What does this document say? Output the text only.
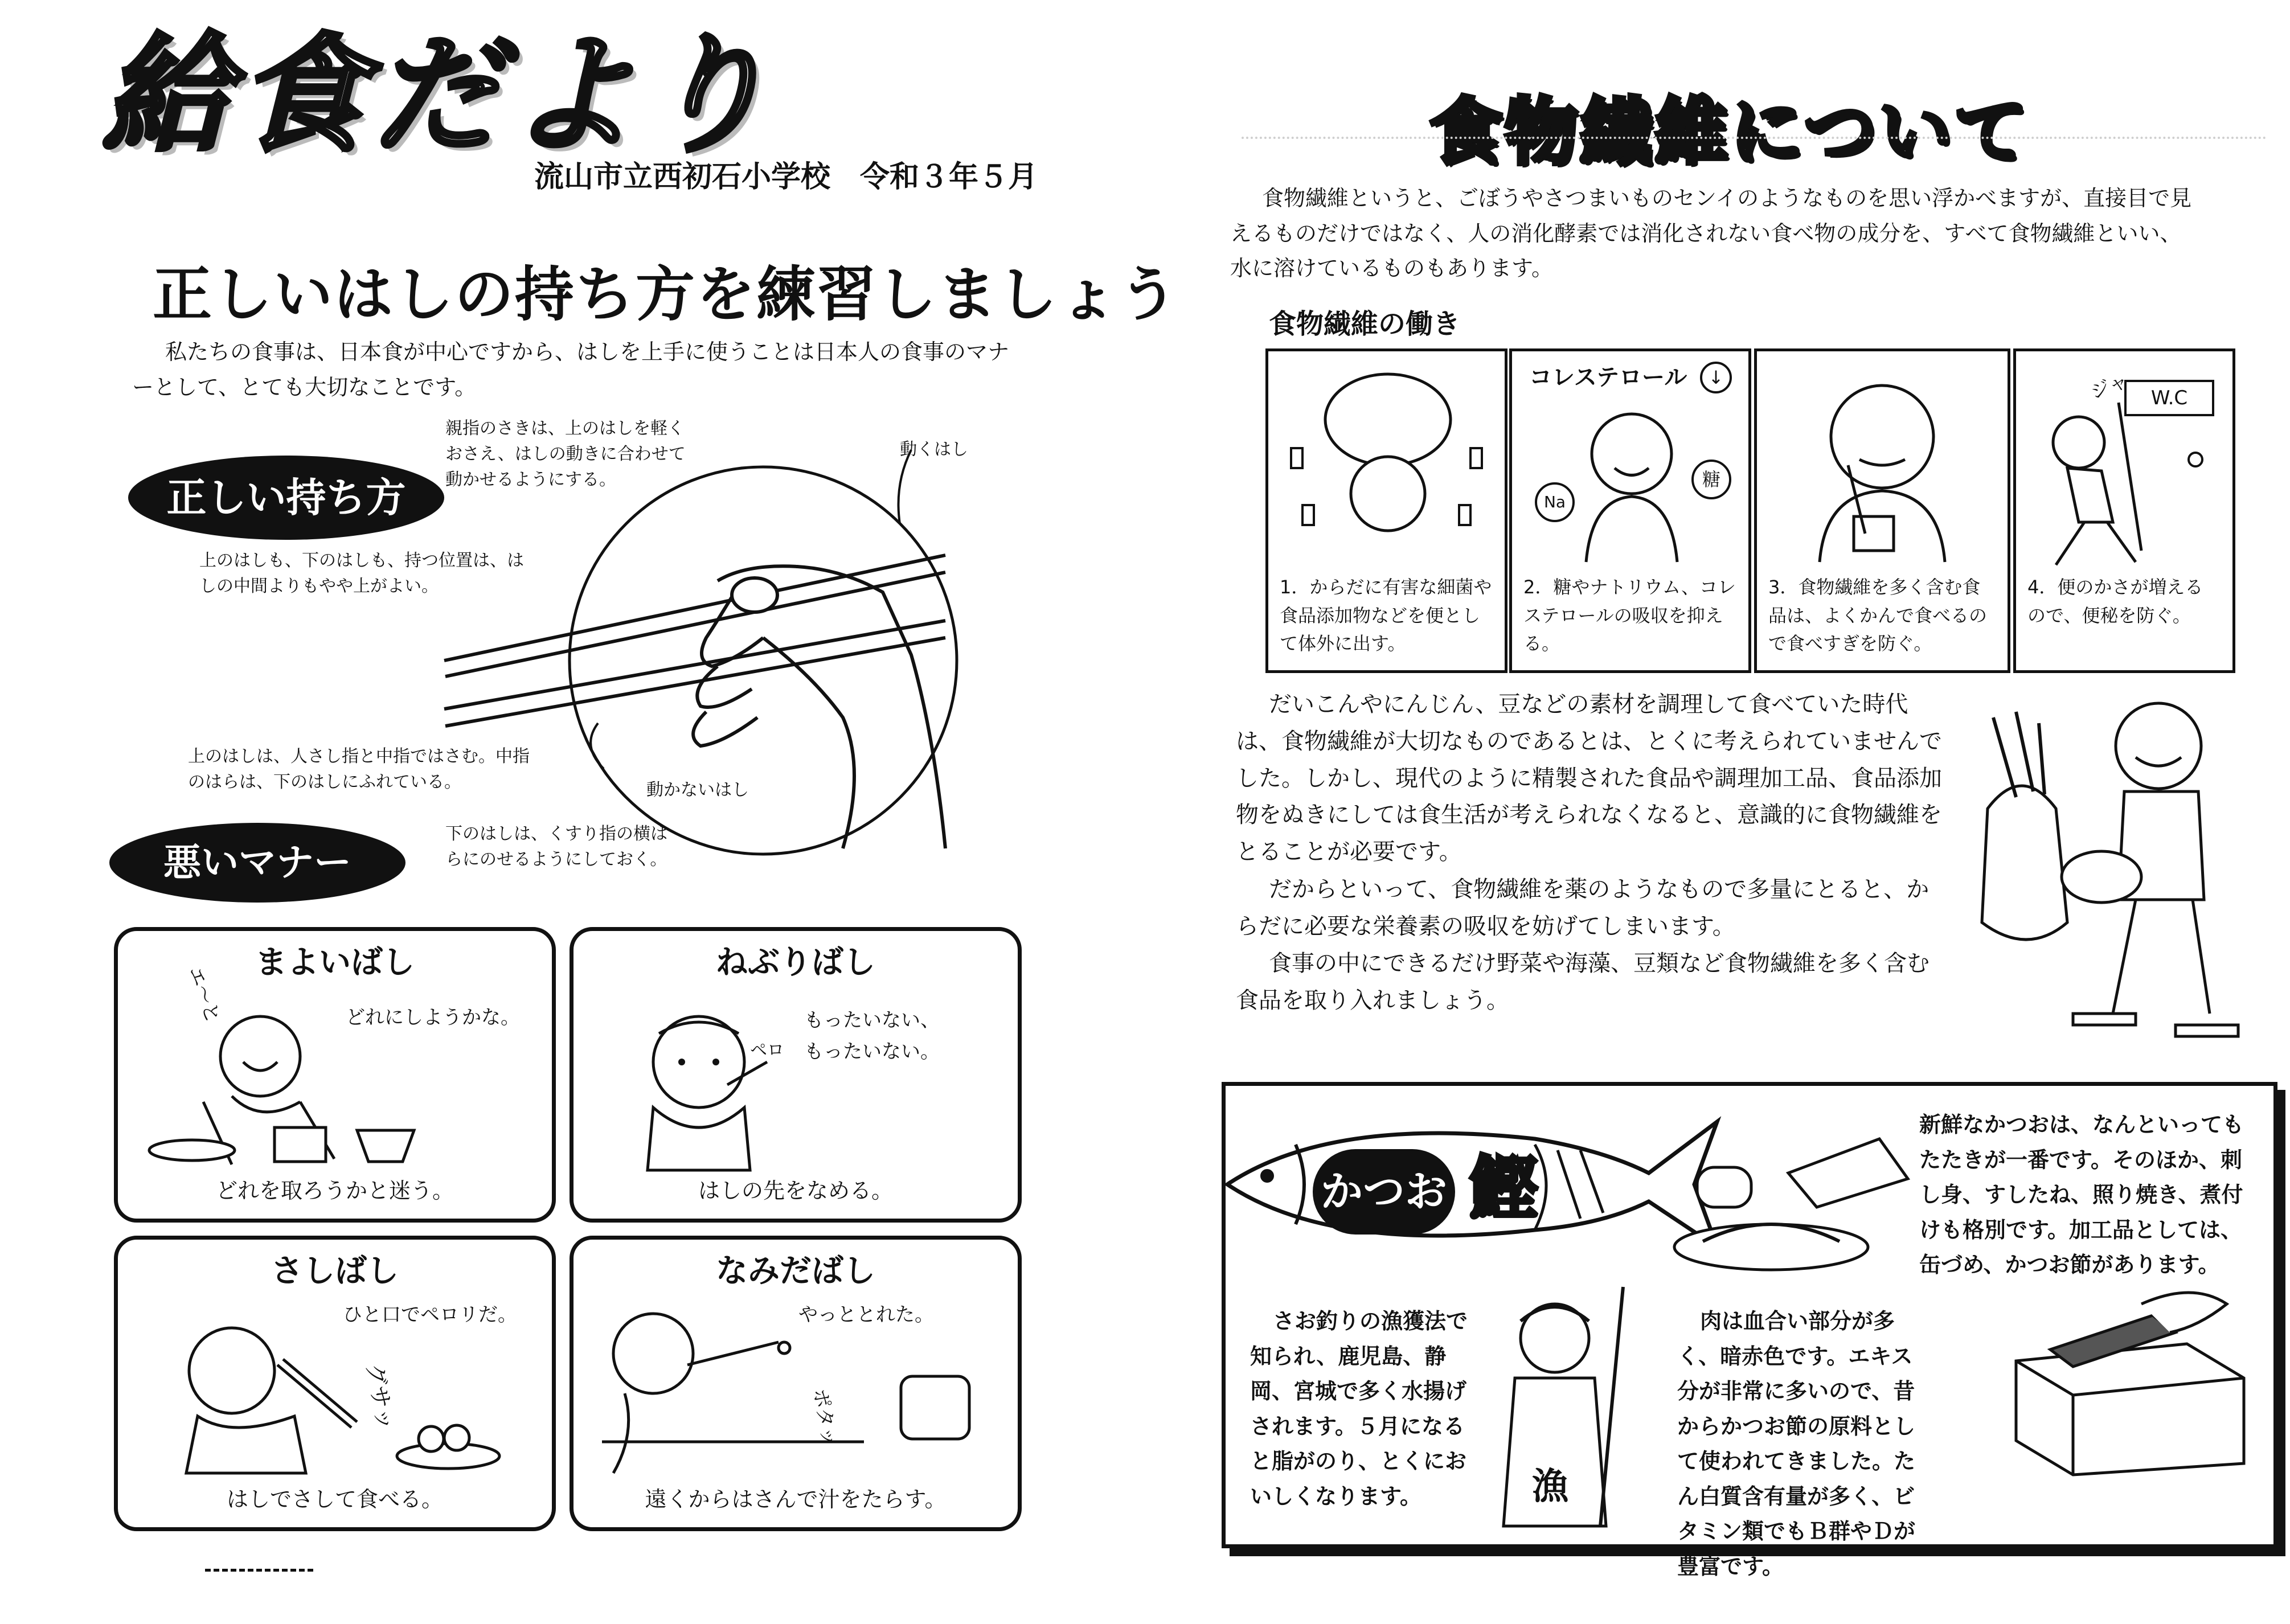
給食だより
流山市立西初石小学校　令和３年５月
正しいはしの持ち方を練習しましょう
私たちの食事は、日本食が中心ですから、はしを上手に使うことは日本人の食事のマナーとして、とても大切なことです。
正しい持ち方
親指のさきは、上のはしを軽くおさえ、はしの動きに合わせて動かせるようにする。
上のはしも、下のはしも、持つ位置は、はしの中間よりもやや上がよい。
上のはしは、人さし指と中指ではさむ。中指のはらは、下のはしにふれている。
下のはしは、くすり指の横はらにのせるようにしておく。
動くはし
動かないはし
悪いマナー
まよいばし
どれにしようかな。
エ〜と
どれを取ろうかと迷う。
ねぶりばし
もったいない、もったいない。
ペロ
はしの先をなめる。
さしばし
ひと口でペロリだ。
グサッ
はしでさして食べる。
なみだばし
やっととれた。
ポタッ
遠くからはさんで汁をたらす。
食物繊維について
食物繊維というと、ごぼうやさつまいものセンイのようなものを思い浮かべますが、直接目で見えるものだけではなく、人の消化酵素では消化されない食べ物の成分を、すべて食物繊維といい、水に溶けているものもあります。
食物繊維の働き
1．からだに有害な細菌や食品添加物などを便として体外に出す。
コレステロール	↓
糖
Na
2．糖やナトリウム、コレステロールの吸収を抑える。
3．食物繊維を多く含む食品は、よくかんで食べるので食べすぎを防ぐ。
W.C
ジャ
4．便のかさが増えるので、便秘を防ぐ。
だいこんやにんじん、豆などの素材を調理して食べていた時代は、食物繊維が大切なものであるとは、とくに考えられていませんでした。しかし、現代のように精製された食品や調理加工品、食品添加物をぬきにしては食生活が考えられなくなると、意識的に食物繊維をとることが必要です。
だからといって、食物繊維を薬のようなもので多量にとると、からだに必要な栄養素の吸収を妨げてしまいます。
食事の中にできるだけ野菜や海藻、豆類など食物繊維を多く含む食品を取り入れましょう。
かつお 鰹
新鮮なかつおは、なんといってもたたきが一番です。そのほか、刺し身、すしたね、照り焼き、煮付けも格別です。加工品としては、缶づめ、かつお節があります。
さお釣りの漁獲法で知られ、鹿児島、静岡、宮城で多く水揚げされます。５月になると脂がのり、とくにおいしくなります。	漁
肉は血合い部分が多く、暗赤色です。エキス分が非常に多いので、昔からかつお節の原料として使われてきました。たん白質含有量が多く、ビタミン類でもＢ群やＤが豊富です。
